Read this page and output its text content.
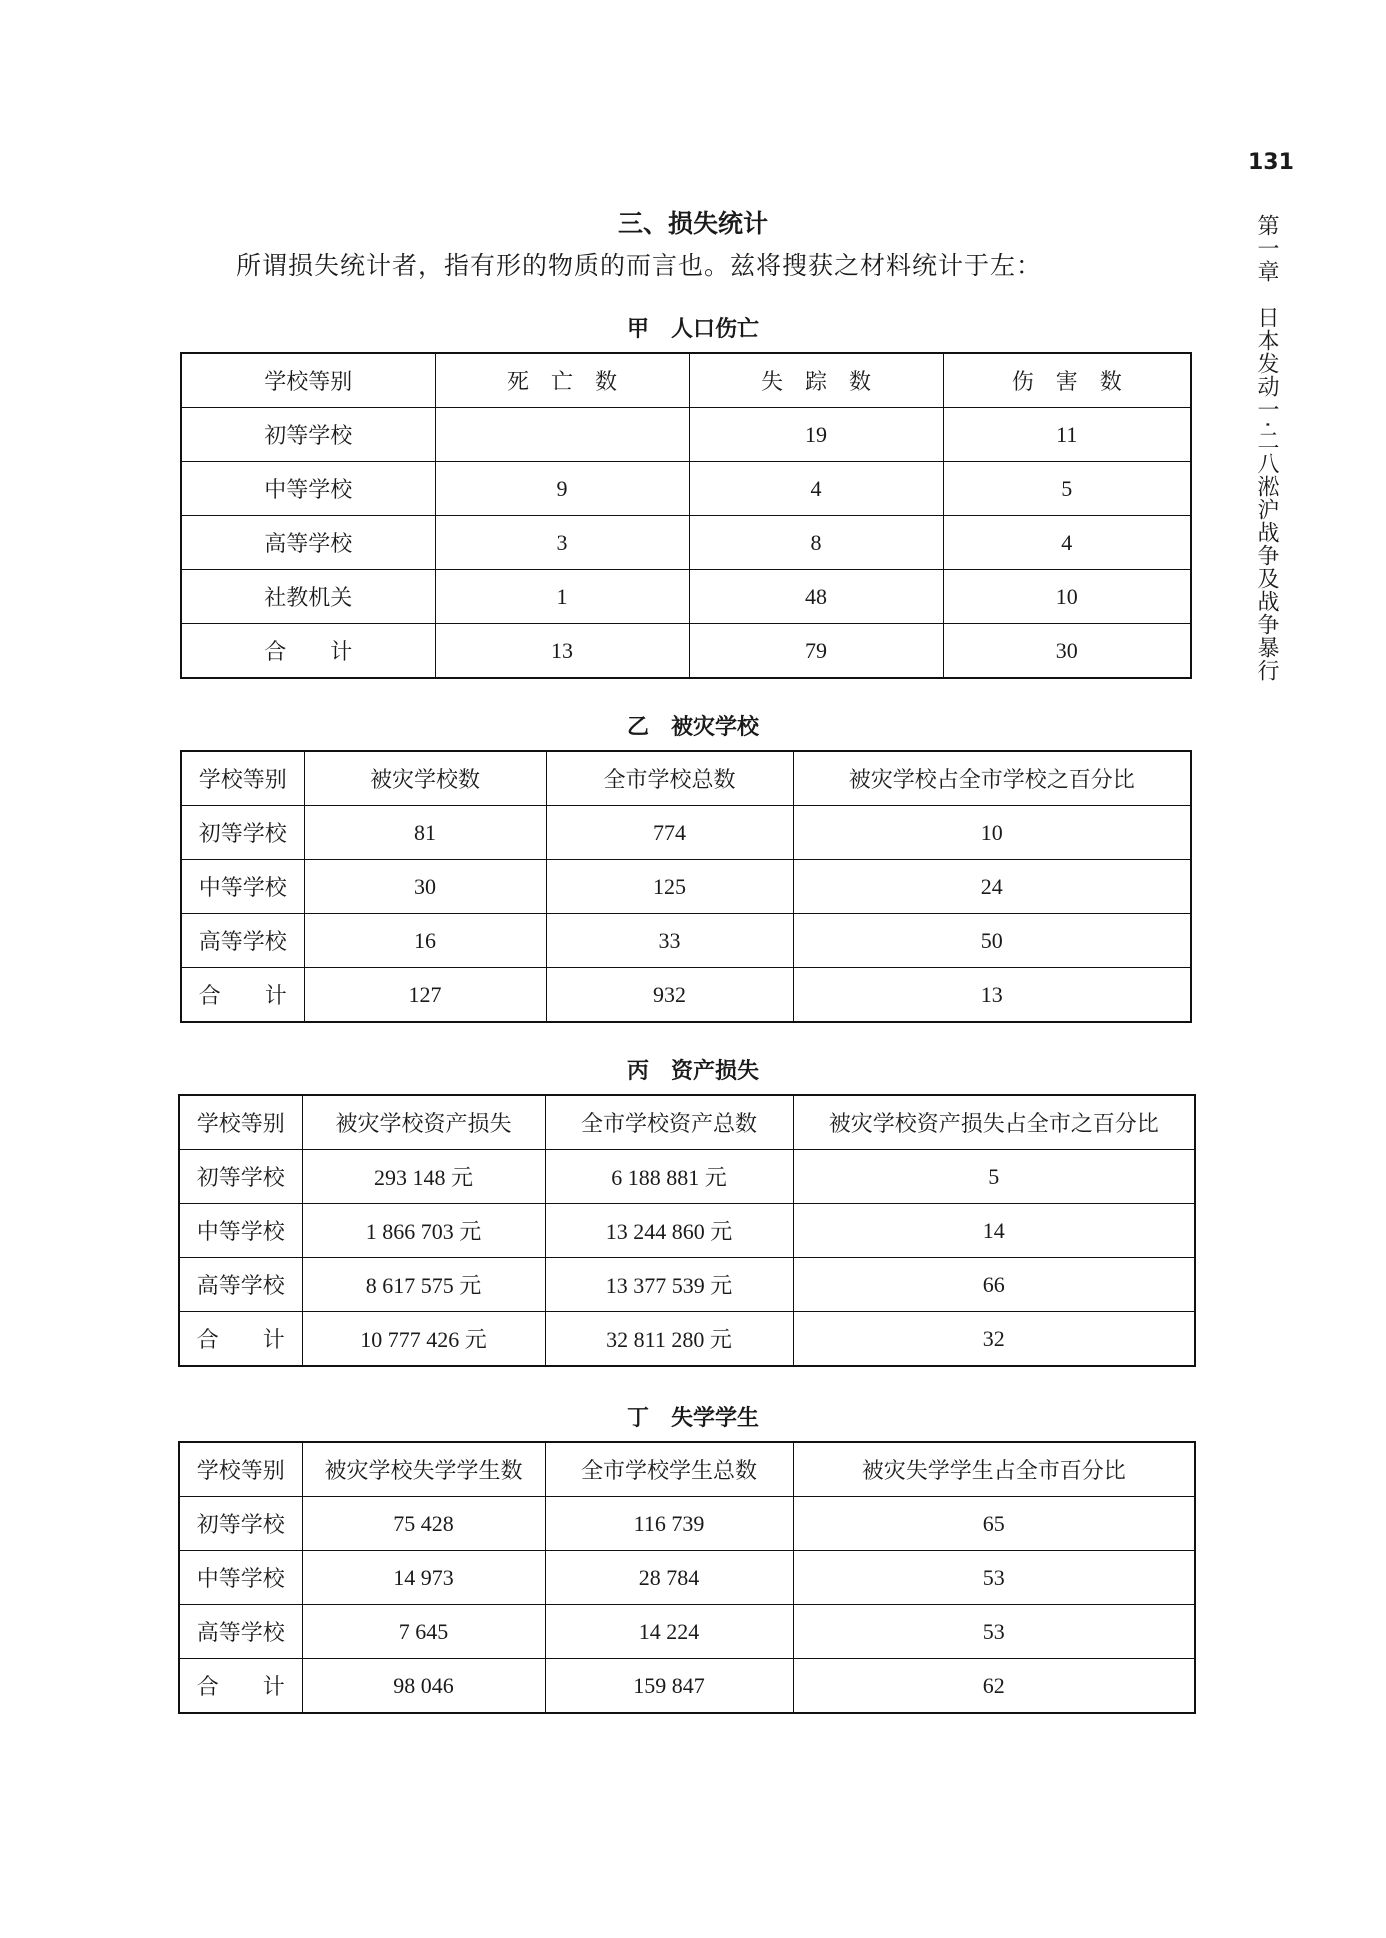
131
第一章　日本发动一·二八淞沪战争及战争暴行
三、损失统计
所谓损失统计者，指有形的物质的而言也。兹将搜获之材料统计于左：
甲　人口伤亡
学校等别	死　亡　数	失　踪　数	伤　害　数
初等学校		19	11
中等学校	9	4	5
高等学校	3	8	4
社教机关	1	48	10
合　　计	13	79	30
乙　被灾学校
学校等别	被灾学校数	全市学校总数	被灾学校占全市学校之百分比
初等学校	81	774	10
中等学校	30	125	24
高等学校	16	33	50
合　　计	127	932	13
丙　资产损失
学校等别	被灾学校资产损失	全市学校资产总数	被灾学校资产损失占全市之百分比
初等学校	293 148 元	6 188 881 元	5
中等学校	1 866 703 元	13 244 860 元	14
高等学校	8 617 575 元	13 377 539 元	66
合　　计	10 777 426 元	32 811 280 元	32
丁　失学学生
学校等别	被灾学校失学学生数	全市学校学生总数	被灾失学学生占全市百分比
初等学校	75 428	116 739	65
中等学校	14 973	28 784	53
高等学校	7 645	14 224	53
合　　计	98 046	159 847	62
